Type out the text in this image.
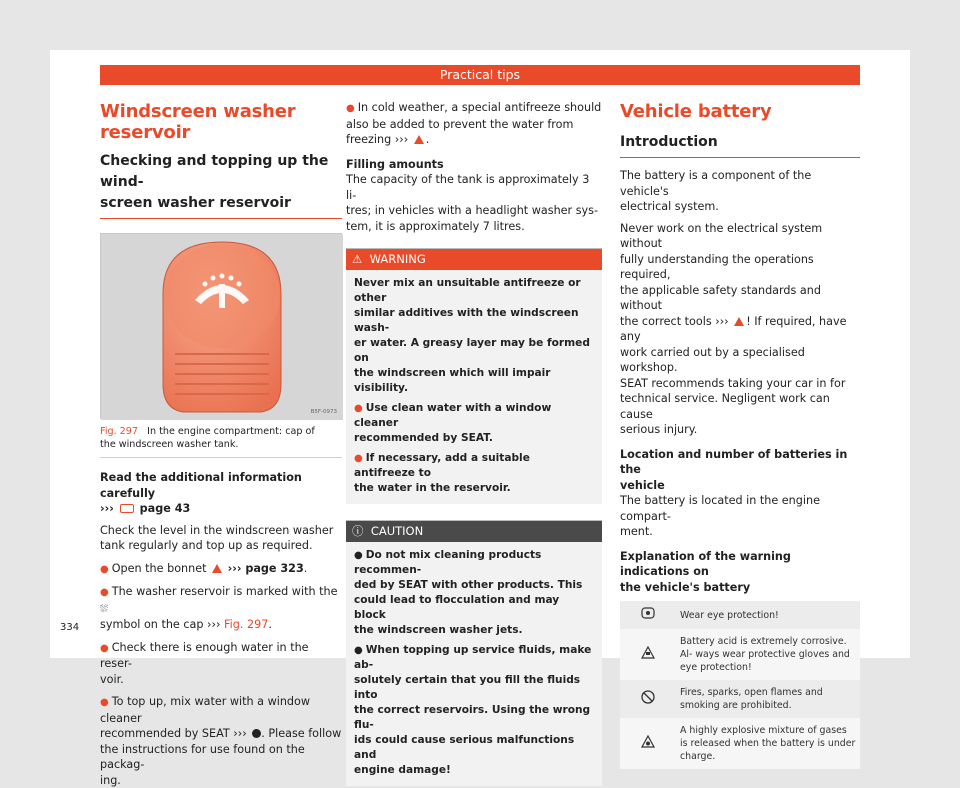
Practical tips
Windscreen washer reservoir
Checking and topping up the wind-
screen washer reservoir
B5F-0973
Fig. 297 In the engine compartment: cap of
the windscreen washer tank.

Read the additional information carefully
›››  page 43

Check the level in the windscreen washer
tank regularly and top up as required.

● Open the bonnet ››› page 323.
● The washer reservoir is marked with the ⛆
symbol on the cap ››› Fig. 297.
● Check there is enough water in the reser-
voir.
● To top up, mix water with a window cleaner
recommended by SEAT ››› . Please follow
the instructions for use found on the packag-
ing.

● In cold weather, a special antifreeze should
also be added to prevent the water from
freezing ››› .

Filling amounts

The capacity of the tank is approximately 3 li-
tres; in vehicles with a headlight washer sys-
tem, it is approximately 7 litres.

⚠ WARNING
Never mix an unsuitable antifreeze or other
similar additives with the windscreen wash-
er water. A greasy layer may be formed on
the windscreen which will impair visibility.
● Use clean water with a window cleaner
recommended by SEAT.
● If necessary, add a suitable antifreeze to
the water in the reservoir.
ⓘ CAUTION
● Do not mix cleaning products recommen-
ded by SEAT with other products. This
could lead to flocculation and may block
the windscreen washer jets.
● When topping up service fluids, make ab-
solutely certain that you fill the fluids into
the correct reservoirs. Using the wrong flu-
ids could cause serious malfunctions and
engine damage!
Vehicle battery
Introduction

The battery is a component of the vehicle's
electrical system.

Never work on the electrical system without
fully understanding the operations required,
the applicable safety standards and without
the correct tools ››› ! If required, have any
work carried out by a specialised workshop.
SEAT recommends taking your car in for
technical service. Negligent work can cause
serious injury.

Location and number of batteries in the
vehicle

The battery is located in the engine compart-
ment.

Explanation of the warning indications on
the vehicle's battery
	Wear eye protection!
	Battery acid is extremely corrosive. Al- ways wear protective gloves and eye protection!
	Fires, sparks, open flames and smoking are prohibited.
	A highly explosive mixture of gases is released when the battery is under charge.
334
